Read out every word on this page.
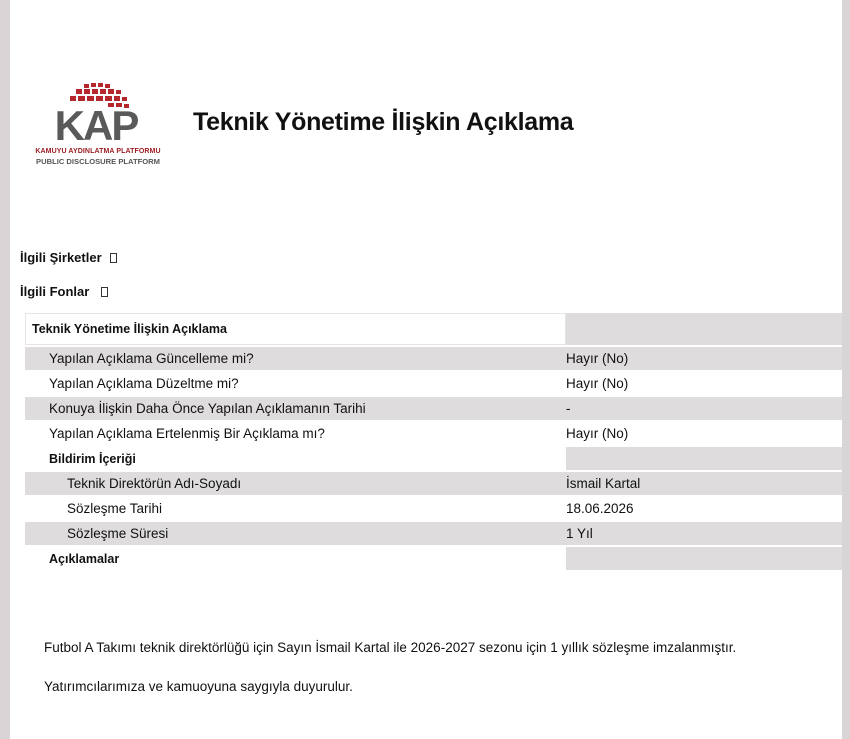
KAP
KAMUYU AYDINLATMA PLATFORMU
PUBLIC DISCLOSURE PLATFORM
Teknik Yönetime İlişkin Açıklama
İlgili Şirketler
İlgili Fonlar
Teknik Yönetime İlişkin Açıklama	
Yapılan Açıklama Güncelleme mi?	Hayır (No)
Yapılan Açıklama Düzeltme mi?	Hayır (No)
Konuya İlişkin Daha Önce Yapılan Açıklamanın Tarihi	-
Yapılan Açıklama Ertelenmiş Bir Açıklama mı?	Hayır (No)
Bildirim İçeriği	
Teknik Direktörün Adı-Soyadı	İsmail Kartal
Sözleşme Tarihi	18.06.2026
Sözleşme Süresi	1 Yıl
Açıklamalar	
Futbol A Takımı teknik direktörlüğü için Sayın İsmail Kartal ile 2026-2027 sezonu için 1 yıllık sözleşme imzalanmıştır.
Yatırımcılarımıza ve kamuoyuna saygıyla duyurulur.
